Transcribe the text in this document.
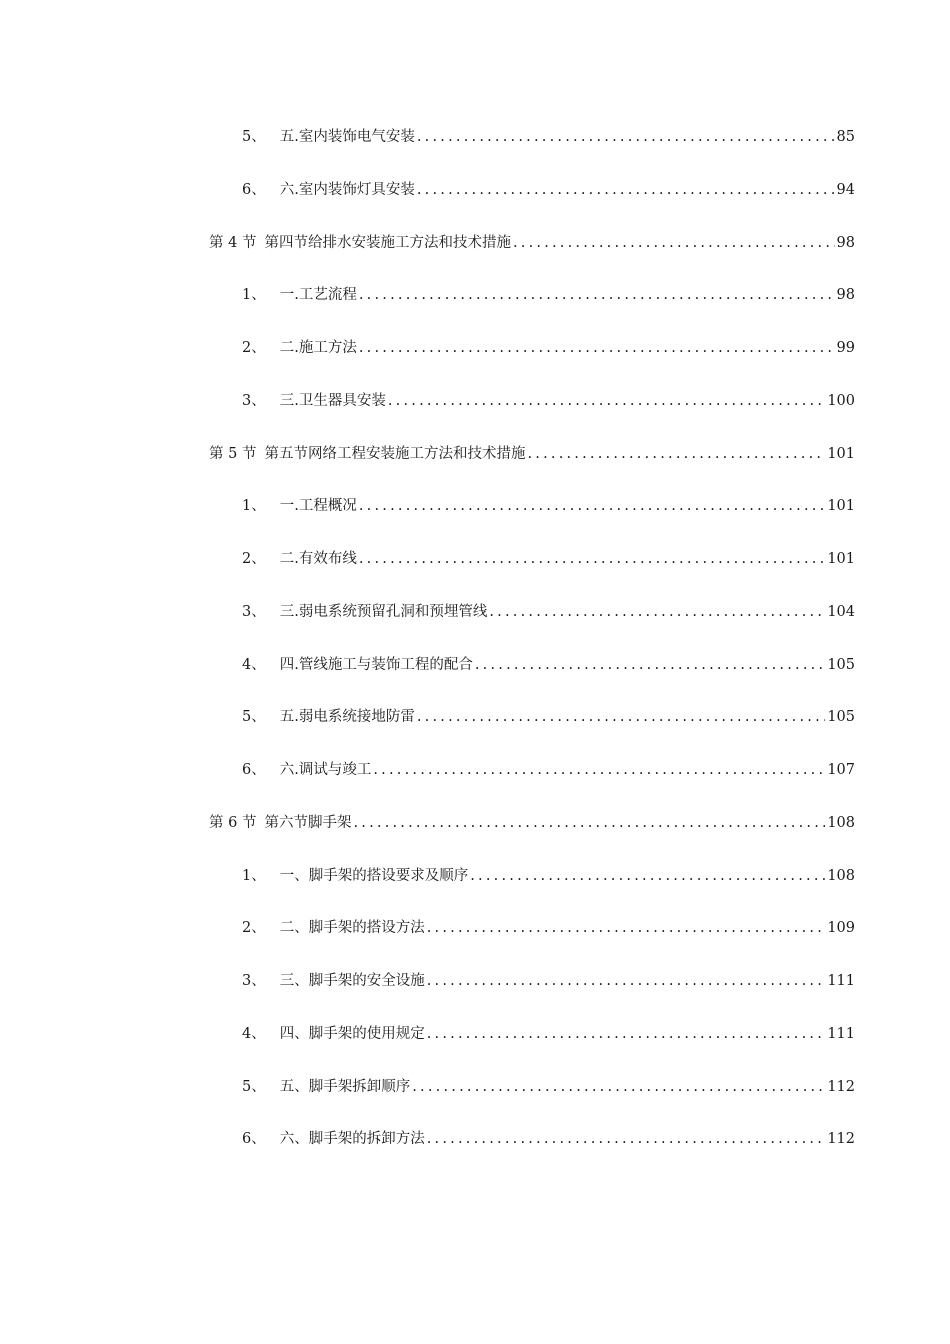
5、 五.室内装饰电气安装 .....	85
6、 六.室内装饰灯具安装 .....	94
第 4 节 第四节给排水安装施工方法和技术措施 .....	98
1、 一.工艺流程 .....	98
2、 二.施工方法 .....	99
3、 三.卫生器具安装 .....	100
第 5 节 第五节网络工程安装施工方法和技术措施 .....	101
1、 一.工程概况 .....	101
2、 二.有效布线 .....	101
3、 三.弱电系统预留孔洞和预埋管线 .....	104
4、 四.管线施工与装饰工程的配合 .....	105
5、 五.弱电系统接地防雷 .....	105
6、 六.调试与竣工 .....	107
第 6 节 第六节脚手架 .....	108
1、 一、脚手架的搭设要求及顺序 .....	108
2、 二、脚手架的搭设方法 .....	109
3、 三、脚手架的安全设施 .....	111
4、 四、脚手架的使用规定 .....	111
5、 五、脚手架拆卸顺序 .....	112
6、 六、脚手架的拆卸方法 .....	112
